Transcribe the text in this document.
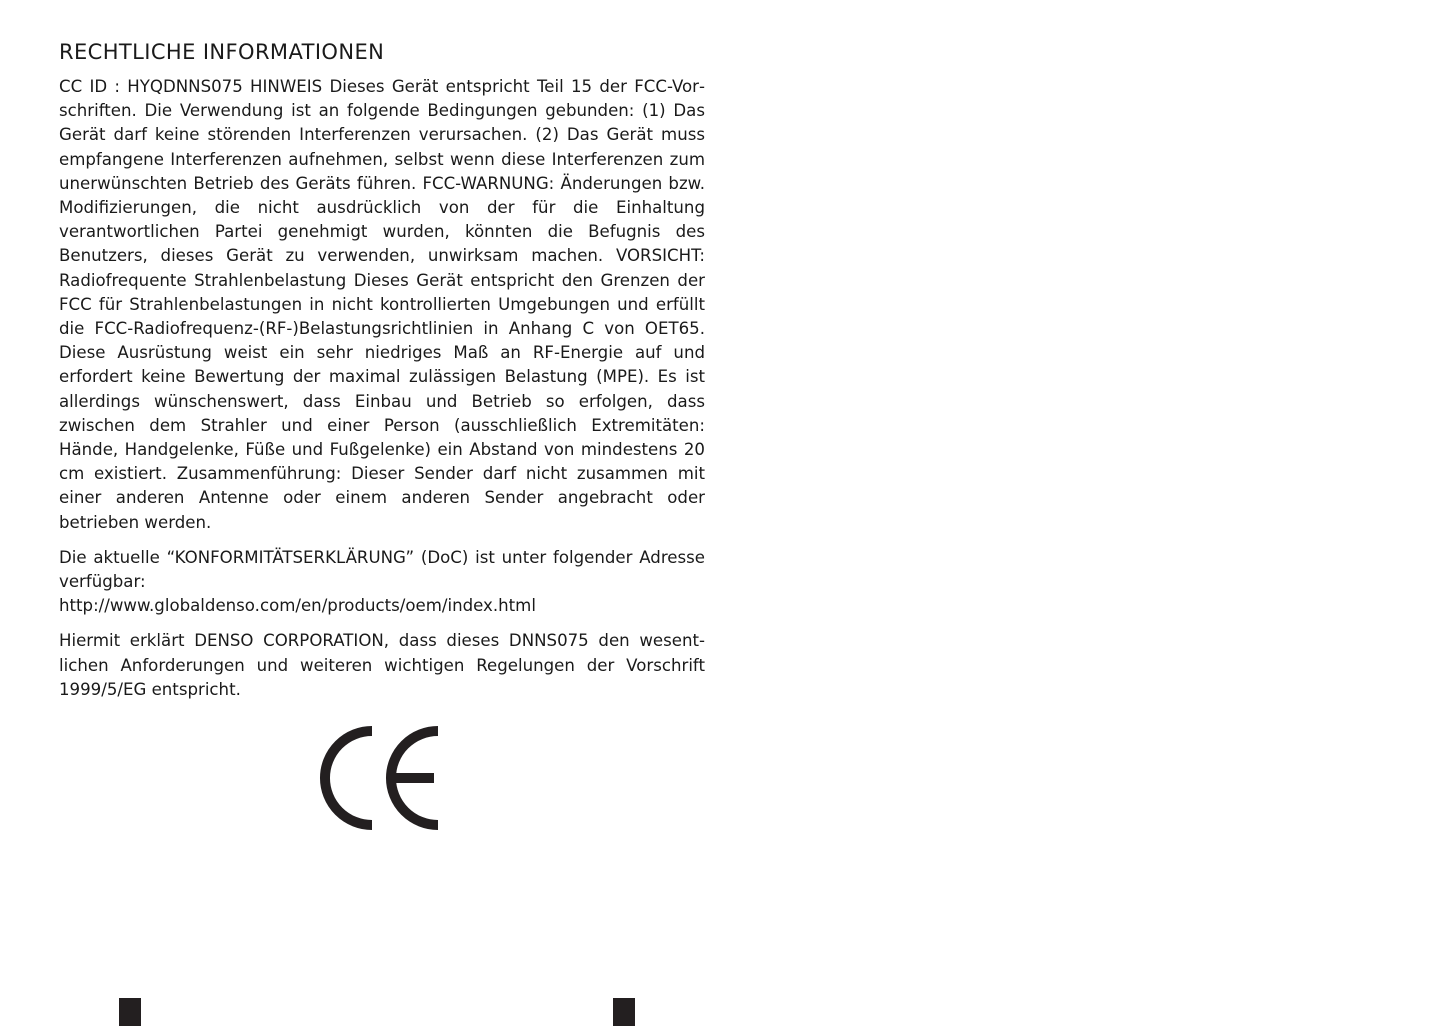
RECHTLICHE INFORMATIONEN

CC ID : HYQDNNS075 HINWEIS Dieses Gerät entspricht Teil 15 der FCC-Vorschriften. Die Verwendung ist an folgende Bedingungen gebunden: (1) Das Gerät darf keine störenden Interferenzen verursachen. (2) Das Gerät muss empfangene Interferenzen aufnehmen, selbst wenn diese Interferenzen zum unerwünschten Betrieb des Geräts führen. FCC-WARNUNG: Änderungen bzw. Modifizierungen, die nicht ausdrücklich von der für die Einhaltung verantwortlichen Partei genehmigt wurden, könnten die Befugnis des Benutzers, dieses Gerät zu verwenden, unwirksam machen. VORSICHT: Radiofrequente Strahlenbelastung Dieses Gerät entspricht den Grenzen der FCC für Strahlenbelastungen in nicht kontrollierten Umgebungen und erfüllt die FCC-Radiofrequenz-(RF-)Belastungsrichtlinien in Anhang C von OET65. Diese Ausrüstung weist ein sehr niedriges Maß an RF-Energie auf und erfordert keine Bewertung der maximal zulässigen Belastung (MPE). Es ist allerdings wünschenswert, dass Einbau und Betrieb so erfolgen, dass zwischen dem Strahler und einer Person (ausschließlich Extremitäten: Hände, Handgelenke, Füße und Fußgelenke) ein Abstand von mindestens 20 cm existiert. Zusammenführung: Dieser Sender darf nicht zusammen mit einer anderen Antenne oder einem anderen Sender angebracht oder betrieben werden.

Die aktuelle “KONFORMITÄTSERKLÄRUNG” (DoC) ist unter folgender Adresse verfügbar:
http://www.globaldenso.com/en/products/oem/index.html

Hiermit erklärt DENSO CORPORATION, dass dieses DNNS075 den wesentlichen Anforderungen und weiteren wichtigen Regelungen der Vorschrift 1999/5/EG entspricht.
